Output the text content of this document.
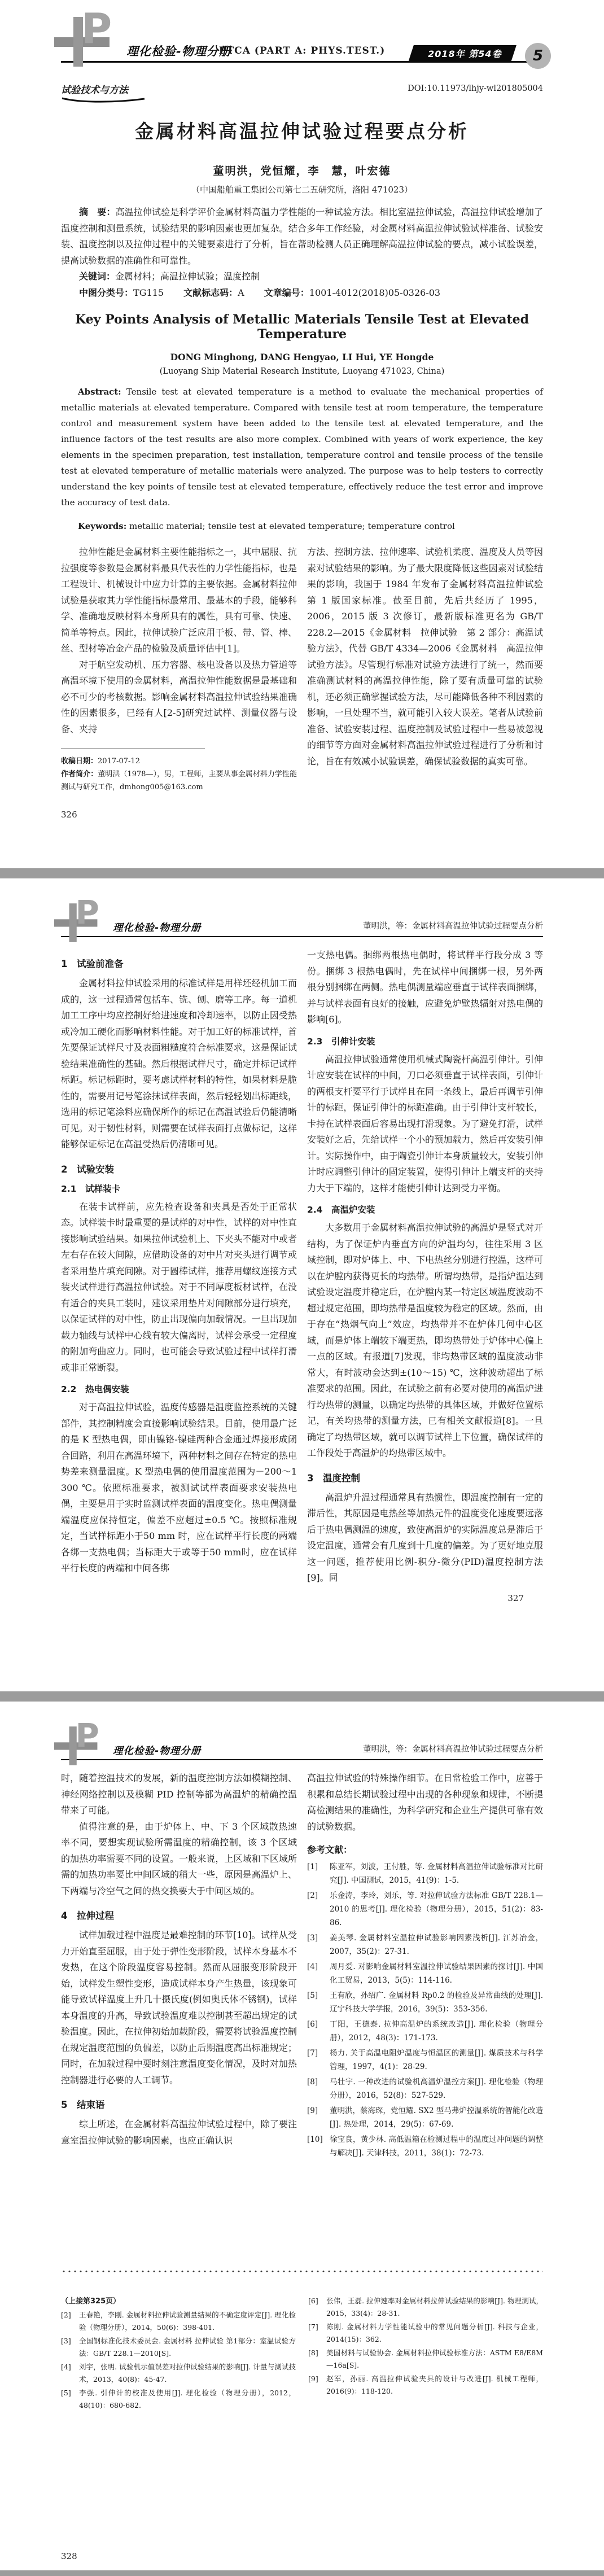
P 理化检验-物理分册
PTCA (PART A: PHYS.TEST.)	2018年 第54卷	5
试验技术与方法	DOI:10.11973/lhjy-wl201805004
金属材料高温拉伸试验过程要点分析
董明洪，党恒耀，李　慧，叶宏德
（中国船舶重工集团公司第七二五研究所，洛阳 471023）

摘　要：高温拉伸试验是科学评价金属材料高温力学性能的一种试验方法。相比室温拉伸试验，高温拉伸试验增加了温度控制和测量系统，试验结果的影响因素也更加复杂。结合多年工作经验，对金属材料高温拉伸试验试样准备、试验安装、温度控制以及拉伸过程中的关键要素进行了分析，旨在帮助检测人员正确理解高温拉伸试验的要点，减小试验误差，提高试验数据的准确性和可靠性。

关键词：金属材料；高温拉伸试验；温度控制

中图分类号：TG115 文献标志码：A 文章编号：1001-4012(2018)05-0326-03

Key Points Analysis of Metallic Materials Tensile Test at Elevated Temperature
DONG Minghong, DANG Hengyao, LI Hui, YE Hongde
(Luoyang Ship Material Research Institute, Luoyang 471023, China)

Abstract: Tensile test at elevated temperature is a method to evaluate the mechanical properties of metallic materials at elevated temperature. Compared with tensile test at room temperature, the temperature control and measurement system have been added to the tensile test at elevated temperature, and the influence factors of the test results are also more complex. Combined with years of work experience, the key elements in the specimen preparation, test installation, temperature control and tensile process of the tensile test at elevated temperature of metallic materials were analyzed. The purpose was to help testers to correctly understand the key points of tensile test at elevated temperature, effectively reduce the test error and improve the accuracy of test data.

Keywords: metallic material; tensile test at elevated temperature; temperature control

拉伸性能是金属材料主要性能指标之一，其中屈服、抗拉强度等参数是金属材料最具代表性的力学性能指标，也是工程设计、机械设计中应力计算的主要依据。金属材料拉伸试验是获取其力学性能指标最常用、最基本的手段，能够科学、准确地反映材料本身所具有的属性，具有可靠、快速、简单等特点。因此，拉伸试验广泛应用于板、带、管、棒、丝、型材等冶金产品的检验及质量评估中[1]。

对于航空发动机、压力容器、核电设备以及热力管道等高温环境下使用的金属材料，高温拉伸性能数据是最基础和必不可少的考核数据。影响金属材料高温拉伸试验结果准确性的因素很多，已经有人[2-5]研究过试样、测量仪器与设备、夹持

收稿日期：2017-07-12

作者简介：董明洪（1978—），男，工程师，主要从事金属材料力学性能测试与研究工作，dmhong005@163.com

326

方法、控制方法、拉伸速率、试验机柔度、温度及人员等因素对试验结果的影响。为了最大限度降低这些因素对试验结果的影响，我国于 1984 年发布了金属材料高温拉伸试验第 1 版国家标准。截至目前，先后共经历了 1995，2006，2015 版 3 次修订，最新版标准更名为 GB/T 228.2—2015《金属材料　拉伸试验　第 2 部分：高温试验方法》，代替 GB/T 4334—2006《金属材料　高温拉伸试验方法》。尽管现行标准对试验方法进行了统一，然而要准确测试材料的高温拉伸性能，除了要有质量可靠的试验机，还必须正确掌握试验方法，尽可能降低各种不利因素的影响，一旦处理不当，就可能引入较大误差。笔者从试验前准备、试验安装过程、温度控制及试验过程中一些易被忽视的细节等方面对金属材料高温拉伸试验过程进行了分析和讨论，旨在有效减小试验误差，确保试验数据的真实可靠。

P 理化检验-物理分册	董明洪，等：金属材料高温拉伸试验过程要点分析
1　试验前准备

金属材料拉伸试验采用的标准试样是用样坯经机加工而成的，这一过程通常包括车、铣、刨、磨等工序。每一道机加工工序中均应控制好给进速度和冷却速率，以防止因受热或冷加工硬化而影响材料性能。对于加工好的标准试样，首先要保证试样尺寸及表面粗糙度符合标准要求，这是保证试验结果准确性的基础。然后根据试样尺寸，确定并标记试样标距。标记标距时，要考虑试样材料的特性，如果材料是脆性的，需要用记号笔涂抹试样表面，然后轻轻划出标距线，选用的标记笔涂料应确保所作的标记在高温试验后仍能清晰可见。对于韧性材料，则需要在试样表面打点做标记，这样能够保证标记在高温受热后仍清晰可见。

2　试验安装
2.1　试样装卡

在装卡试样前，应先检查设备和夹具是否处于正常状态。试样装卡时最重要的是试样的对中性，试样的对中性直接影响试验结果。如果拉伸试验机上、下夹头不能对中或者左右存在较大间隙，应借助设备的对中片对夹头进行调节或者采用垫片填充间隙。对于圆棒试样，推荐用螺纹连接方式装夹试样进行高温拉伸试验。对于不同厚度板材试样，在没有适合的夹具工装时，建议采用垫片对间隙部分进行填充，以保证试样的对中性，防止出现偏向加载情况。一旦出现加载力轴线与试样中心线有较大偏离时，试样会承受一定程度的附加弯曲应力。同时，也可能会导致试验过程中试样打滑或非正常断裂。

2.2　热电偶安装

对于高温拉伸试验，温度传感器是温度监控系统的关键部件，其控制精度会直接影响试验结果。目前，使用最广泛的是 K 型热电偶，即由镍铬-镍硅两种合金通过焊接形成闭合回路，利用在高温环境下，两种材料之间存在特定的热电势差来测量温度。K 型热电偶的使用温度范围为－200～1 300 ℃。依照标准要求，被测试试样表面要求安装热电偶，主要是用于实时监测试样表面的温度变化。热电偶测量端温度应保持恒定，偏差不应超过±0.5 ℃。按照标准规定，当试样标距小于50 mm 时，应在试样平行长度的两端各绑一支热电偶；当标距大于或等于50 mm时，应在试样平行长度的两端和中间各绑

一支热电偶。捆绑两根热电偶时，将试样平行段分成 3 等份。捆绑 3 根热电偶时，先在试样中间捆绑一根，另外两根分别捆绑在两侧。热电偶测量端应垂直于试样表面捆绑，并与试样表面有良好的接触，应避免炉壁热辐射对热电偶的影响[6]。

2.3　引伸计安装

高温拉伸试验通常使用机械式陶瓷杆高温引伸计。引伸计应安装在试样的中间，刀口必须垂直于试样表面，引伸计的两根支杆要平行于试样且在同一条线上，最后再调节引伸计的标距，保证引伸计的标距准确。由于引伸计支杆较长，卡持在试样表面后容易出现打滑现象。为了避免打滑，试样安装好之后，先给试样一个小的预加载力，然后再安装引伸计。实际操作中，由于陶瓷引伸计本身质量较大，安装引伸计时应调整引伸计的固定装置，使得引伸计上端支杆的夹持力大于下端的，这样才能使引伸计达到受力平衡。

2.4　高温炉安装

大多数用于金属材料高温拉伸试验的高温炉是竖式对开结构，为了保证炉内垂直方向的炉温均匀，往往采用 3 区域控制，即对炉体上、中、下电热丝分别进行控温，这样可以在炉膛内获得更长的均热带。所谓均热带，是指炉温达到试验设定温度并稳定后，在炉膛内某一特定区域温度波动不超过规定范围，即均热带是温度较为稳定的区域。然而，由于存在“热烟气向上”效应，均热带并不在炉体几何中心区域，而是炉体上端较下端更热，即均热带处于炉体中心偏上一点的区域。有报道[7]发现，非均热带区域的温度波动非常大，有时波动会达到±(10～15) ℃，这种波动超出了标准要求的范围。因此，在试验之前有必要对使用的高温炉进行均热带的测量，以确定均热带的具体区域，并做好位置标记，有关均热带的测量方法，已有相关文献报道[8]。一旦确定了均热带区域，就可以调节试样上下位置，确保试样的工作段处于高温炉的均热带区域中。

3　温度控制

高温炉升温过程通常具有热惯性，即温度控制有一定的滞后性，其原因是电热丝等加热元件的温度变化速度要远落后于热电偶测温的速度，致使高温炉的实际温度总是滞后于设定温度，通常会有几度到十几度的偏差。为了更好地克服这一问题，推荐使用比例-积分-微分(PID)温度控制方法[9]。同

327
P 理化检验-物理分册	董明洪，等：金属材料高温拉伸试验过程要点分析

时，随着控温技术的发展，新的温度控制方法如模糊控制、神经网络控制以及模糊 PID 控制等都为高温炉的精确控温带来了可能。

值得注意的是，由于炉体上、中、下 3 个区域散热速率不同，要想实现试验所需温度的精确控制，该 3 个区域的加热功率需要不同的设置。一般来说，上区域和下区域所需的加热功率要比中间区域的稍大一些，原因是高温炉上、下两端与冷空气之间的热交换要大于中间区域的。

4　拉伸过程

试样加载过程中温度是最难控制的环节[10]。试样从受力开始直至屈服，由于处于弹性变形阶段，试样本身基本不发热，在这个阶段温度容易控制。然而从屈服变形阶段开始，试样发生塑性变形，造成试样本身产生热量，该现象可能导致试样温度上升几十摄氏度(例如奥氏体不锈钢)，试样本身温度的升高，导致试验温度难以控制甚至超出规定的试验温度。因此，在拉伸初始加载阶段，需要将试验温度控制在规定温度范围的负偏差，以防止后期温度高出标准规定；同时，在加载过程中要时刻注意温度变化情况，及时对加热控制器进行必要的人工调节。

5　结束语

综上所述，在金属材料高温拉伸试验过程中，除了要注意室温拉伸试验的影响因素，也应正确认识

高温拉伸试验的特殊操作细节。在日常检验工作中，应善于积累和总结长期试验过程中出现的各种现象和规律，不断提高检测结果的准确性，为科学研究和企业生产提供可靠有效的试验数据。

参考文献：
[1]	陈亚军，刘波，王付胜，等. 金属材料高温拉伸试验标准对比研究[J]. 中国测试，2015，41(9)：1-5.
[2]	乐金涛，李玲，刘乐，等. 对拉伸试验方法标准 GB/T 228.1—2010 的思考[J]. 理化检验（物理分册），2015，51(2)：83-86.
[3]	姜美琴. 金属材料室温拉伸试验影响因素浅析[J]. 江苏冶金，2007，35(2)：27-31.
[4]	周月爱. 对影响金属材料室温拉伸试验结果因素的探讨[J]. 中国化工贸易，2013，5(5)：114-116.
[5]	王有欣，孙绍广. 金属材料 Rp0.2 的检验及异常曲线的处理[J]. 辽宁科技大学学报，2016，39(5)：353-356.
[6]	丁阳，王德泰. 拉伸高温炉的系统改造[J]. 理化检验（物理分册），2012，48(3)：171-173.
[7]	杨力. 关于高温电阻炉温度与恒温区的测量[J]. 煤质技术与科学管理，1997，4(1)：28-29.
[8]	马壮宇. 一种改进的试验机高温炉温控方案[J]. 理化检验（物理分册），2016，52(8)：527-529.
[9]	董明洪，蔡海琛，党恒耀. SX2 型马弗炉控温系统的智能化改造[J]. 热处理，2014，29(5)：67-69.
[10] 徐宝良，黄少林. 高低温箱在检测过程中的温度过冲问题的调整与解决[J]. 天津科技，2011，38(1)：72-73.
（上接第325页）
[2]	王春艳，李刚. 金属材料拉伸试验测量结果的不确定度评定[J]. 理化检验（物理分册），2014，50(6)：398-401.
[3]	全国钢标准化技术委员会. 金属材料 拉伸试验 第1部分：室温试验方法：GB/T 228.1—2010[S].
[4]	刘宇，张明. 试验机示值误差对拉伸试验结果的影响[J]. 计量与测试技术，2013，40(8)：45-47.
[5]	李强. 引伸计的校准及使用[J]. 理化检验（物理分册），2012，48(10)：680-682.
[6]	张伟，王磊. 拉伸速率对金属材料拉伸试验结果的影响[J]. 物理测试，2015，33(4)：28-31.
[7]	陈刚. 金属材料力学性能试验中的常见问题分析[J]. 科技与企业，2014(15)：362.
[8]	美国材料与试验协会. 金属材料拉伸试验标准方法：ASTM E8/E8M—16a[S].
[9]	赵军，孙丽. 高温拉伸试验夹具的设计与改进[J]. 机械工程师，2016(9)：118-120.
328
